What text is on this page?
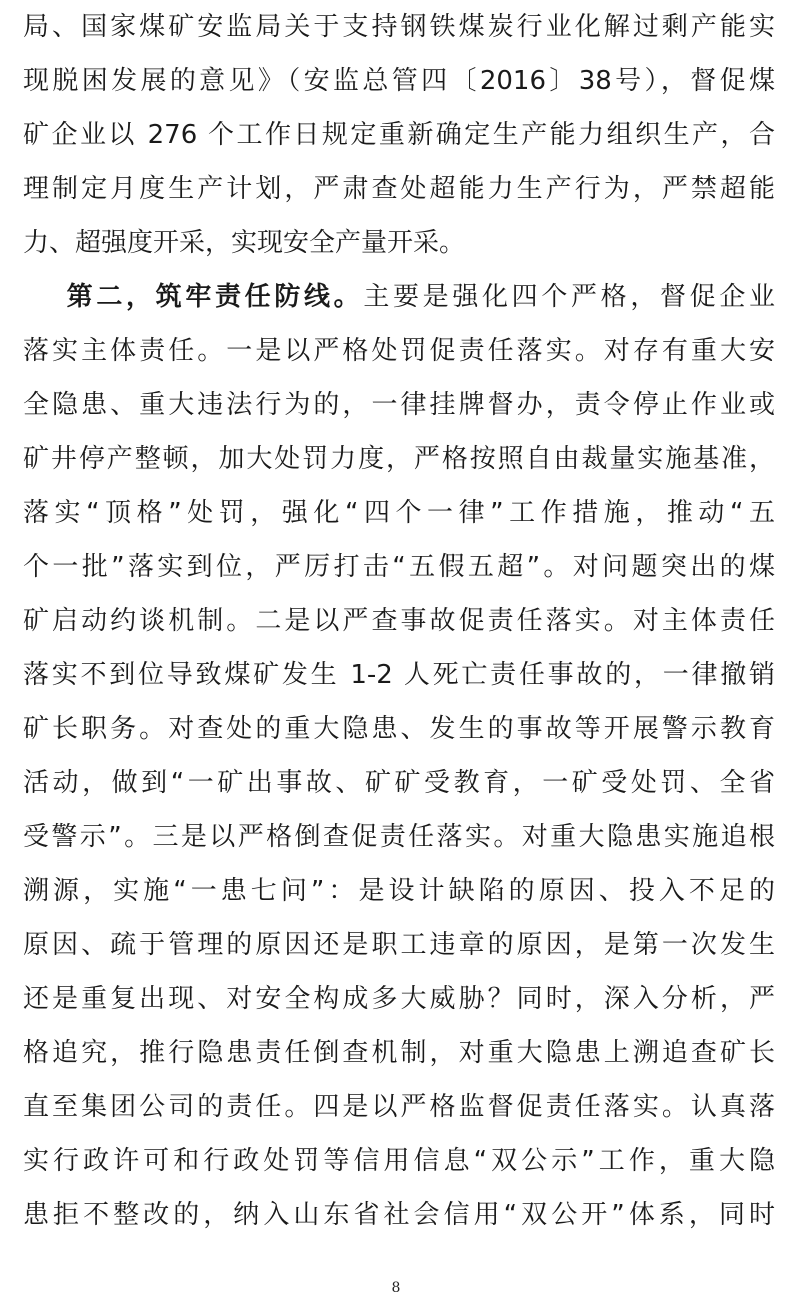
局、国家煤矿安监局关于支持钢铁煤炭行业化解过剩产能实
现脱困发展的意见》（安监总管四〔2016〕38号），督促煤
矿企业以 276 个工作日规定重新确定生产能力组织生产，合
理制定月度生产计划，严肃查处超能力生产行为，严禁超能
力、超强度开采，实现安全产量开采。
第二，筑牢责任防线。主要是强化四个严格，督促企业
落实主体责任。一是以严格处罚促责任落实。对存有重大安
全隐患、重大违法行为的，一律挂牌督办，责令停止作业或
矿井停产整顿，加大处罚力度，严格按照自由裁量实施基准，
落实“顶格”处罚，强化“四个一律”工作措施，推动“五
个一批”落实到位，严厉打击“五假五超”。对问题突出的煤
矿启动约谈机制。二是以严查事故促责任落实。对主体责任
落实不到位导致煤矿发生 1-2 人死亡责任事故的，一律撤销
矿长职务。对查处的重大隐患、发生的事故等开展警示教育
活动，做到“一矿出事故、矿矿受教育，一矿受处罚、全省
受警示”。三是以严格倒查促责任落实。对重大隐患实施追根
溯源，实施“一患七问”：是设计缺陷的原因、投入不足的
原因、疏于管理的原因还是职工违章的原因，是第一次发生
还是重复出现、对安全构成多大威胁？同时，深入分析，严
格追究，推行隐患责任倒查机制，对重大隐患上溯追查矿长
直至集团公司的责任。四是以严格监督促责任落实。认真落
实行政许可和行政处罚等信用信息“双公示”工作，重大隐
患拒不整改的，纳入山东省社会信用“双公开”体系，同时
8
